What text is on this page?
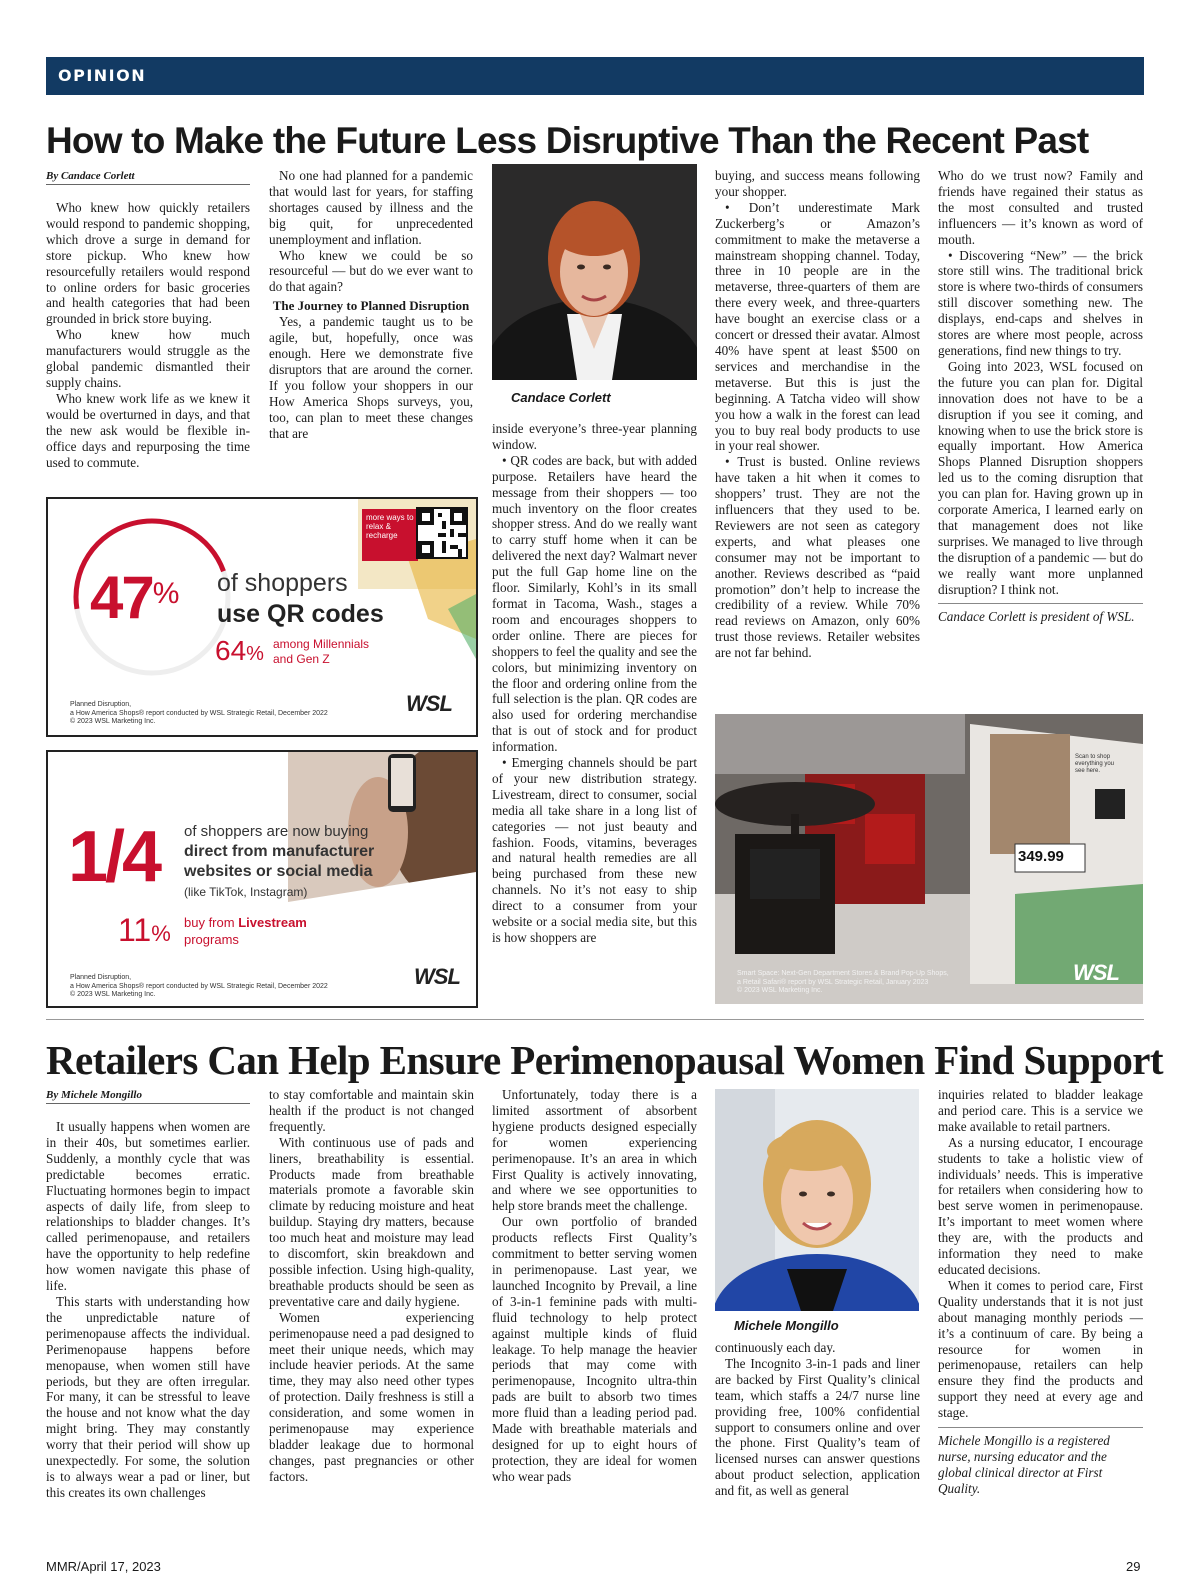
OPINION
How to Make the Future Less Disruptive Than the Recent Past
By Candace Corlett

Who knew how quickly retailers would respond to pandemic shopping, which drove a surge in demand for store pickup. Who knew how resourcefully retailers would respond to online orders for basic groceries and health categories that had been grounded in brick store buying.

Who knew how much manufacturers would struggle as the global pandemic dismantled their supply chains.

Who knew work life as we knew it would be overturned in days, and that the new ask would be flexible in-office days and repurposing the time used to commute.

No one had planned for a pandemic that would last for years, for staffing shortages caused by illness and the big quit, for unprecedented unemployment and inflation.

Who knew we could be so resourceful — but do we ever want to do that again?

The Journey to Planned Disruption

Yes, a pandemic taught us to be agile, but, hopefully, once was enough. Here we demonstrate five disruptors that are around the corner. If you follow your shoppers in our How America Shops surveys, you, too, can plan to meet these changes that are

Candace Corlett

inside everyone’s three-year planning window.

• QR codes are back, but with added purpose. Retailers have heard the message from their shoppers — too much inventory on the floor creates shopper stress. And do we really want to carry stuff home when it can be delivered the next day? Walmart never put the full Gap home line on the floor. Similarly, Kohl’s in its small format in Tacoma, Wash., stages a room and encourages shoppers to order online. There are pieces for shoppers to feel the quality and see the colors, but minimizing inventory on the floor and ordering online from the full selection is the plan. QR codes are also used for ordering merchandise that is out of stock and for product information.

• Emerging channels should be part of your new distribution strategy. Livestream, direct to consumer, social media all take share in a long list of categories — not just beauty and fashion. Foods, vitamins, beverages and natural health remedies are all being purchased from these new channels. No it’s not easy to ship direct to a consumer from your website or a social media site, but this is how shoppers are

buying, and success means following your shopper.

• Don’t underestimate Mark Zuckerberg’s or Amazon’s commitment to make the metaverse a mainstream shopping channel. Today, three in 10 people are in the metaverse, three-quarters of them are there every week, and three-quarters have bought an exercise class or a concert or dressed their avatar. Almost 40% have spent at least $500 on services and merchandise in the metaverse. But this is just the beginning. A Tatcha video will show you how a walk in the forest can lead you to buy real body products to use in your real shower.

• Trust is busted. Online reviews have taken a hit when it comes to shoppers’ trust. They are not the influencers that they used to be. Reviewers are not seen as category experts, and what pleases one consumer may not be important to another. Reviews described as “paid promotion” don’t help to increase the credibility of a review. While 70% read reviews on Amazon, only 60% trust those reviews. Retailer websites are not far behind.

Who do we trust now? Family and friends have regained their status as the most consulted and trusted influencers — it’s known as word of mouth.

• Discovering “New” — the brick store still wins. The traditional brick store is where two-thirds of consumers still discover something new. The displays, end-caps and shelves in stores are where most people, across generations, find new things to try.

Going into 2023, WSL focused on the future you can plan for. Digital innovation does not have to be a disruption if you see it coming, and knowing when to use the brick store is equally important. How America Shops Planned Disruption shoppers led us to the coming disruption that you can plan for. Having grown up in corporate America, I learned early on that management does not like surprises. We managed to live through the disruption of a pandemic — but do we really want more unplanned disruption? I think not.

Candace Corlett is president of WSL.

more ways to relax & recharge
47% of shoppers
use QR codes
64% among Millennials
and Gen Z
Planned Disruption,
a How America Shops® report conducted by WSL Strategic Retail, December 2022
© 2023 WSL Marketing Inc.
WSL
1/4 of shoppers are now buying
direct from manufacturer
websites or social media
(like TikTok, Instagram)
11% buy from Livestream
programs
Planned Disruption,
a How America Shops® report conducted by WSL Strategic Retail, December 2022
© 2023 WSL Marketing Inc.
WSL
349.99
Scan to shop everything you see here.
Smart Space: Next-Gen Department Stores & Brand Pop-Up Shops,
a Retail Safari® report by WSL Strategic Retail, January 2023
© 2023 WSL Marketing Inc.
WSL
Retailers Can Help Ensure Perimenopausal Women Find Support
By Michele Mongillo

It usually happens when women are in their 40s, but sometimes earlier. Suddenly, a monthly cycle that was predictable becomes erratic. Fluctuating hormones begin to impact aspects of daily life, from sleep to relationships to bladder changes. It’s called perimenopause, and retailers have the opportunity to help redefine how women navigate this phase of life.

This starts with understanding how the unpredictable nature of perimenopause affects the individual. Perimenopause happens before menopause, when women still have periods, but they are often irregular. For many, it can be stressful to leave the house and not know what the day might bring. They may constantly worry that their period will show up unexpectedly. For some, the solution is to always wear a pad or liner, but this creates its own challenges

to stay comfortable and maintain skin health if the product is not changed frequently.

With continuous use of pads and liners, breathability is essential. Products made from breathable materials promote a favorable skin climate by reducing moisture and heat buildup. Staying dry matters, because too much heat and moisture may lead to discomfort, skin breakdown and possible infection. Using high-quality, breathable products should be seen as preventative care and daily hygiene.

Women experiencing perimenopause need a pad designed to meet their unique needs, which may include heavier periods. At the same time, they may also need other types of protection. Daily freshness is still a consideration, and some women in perimenopause may experience bladder leakage due to hormonal changes, past pregnancies or other factors.

Unfortunately, today there is a limited assortment of absorbent hygiene products designed especially for women experiencing perimenopause. It’s an area in which First Quality is actively innovating, and where we see opportunities to help store brands meet the challenge.

Our own portfolio of branded products reflects First Quality’s commitment to better serving women in perimenopause. Last year, we launched Incognito by Prevail, a line of 3-in-1 feminine pads with multi-fluid technology to help protect against multiple kinds of fluid leakage. To help manage the heavier periods that may come with perimenopause, Incognito ultra-thin pads are built to absorb two times more fluid than a leading period pad. Made with breathable materials and designed for up to eight hours of protection, they are ideal for women who wear pads

Michele Mongillo

continuously each day.

The Incognito 3-in-1 pads and liner are backed by First Quality’s clinical team, which staffs a 24/7 nurse line providing free, 100% confidential support to consumers online and over the phone. First Quality’s team of licensed nurses can answer questions about product selection, application and fit, as well as general

inquiries related to bladder leakage and period care. This is a service we make available to retail partners.

As a nursing educator, I encourage students to take a holistic view of individuals’ needs. This is imperative for retailers when considering how to best serve women in perimenopause. It’s important to meet women where they are, with the products and information they need to make educated decisions.

When it comes to period care, First Quality understands that it is not just about managing monthly periods — it’s a continuum of care. By being a resource for women in perimenopause, retailers can help ensure they find the products and support they need at every age and stage.

Michele Mongillo is a registered nurse, nursing educator and the global clinical director at First Quality.

MMR/April 17, 2023	29
